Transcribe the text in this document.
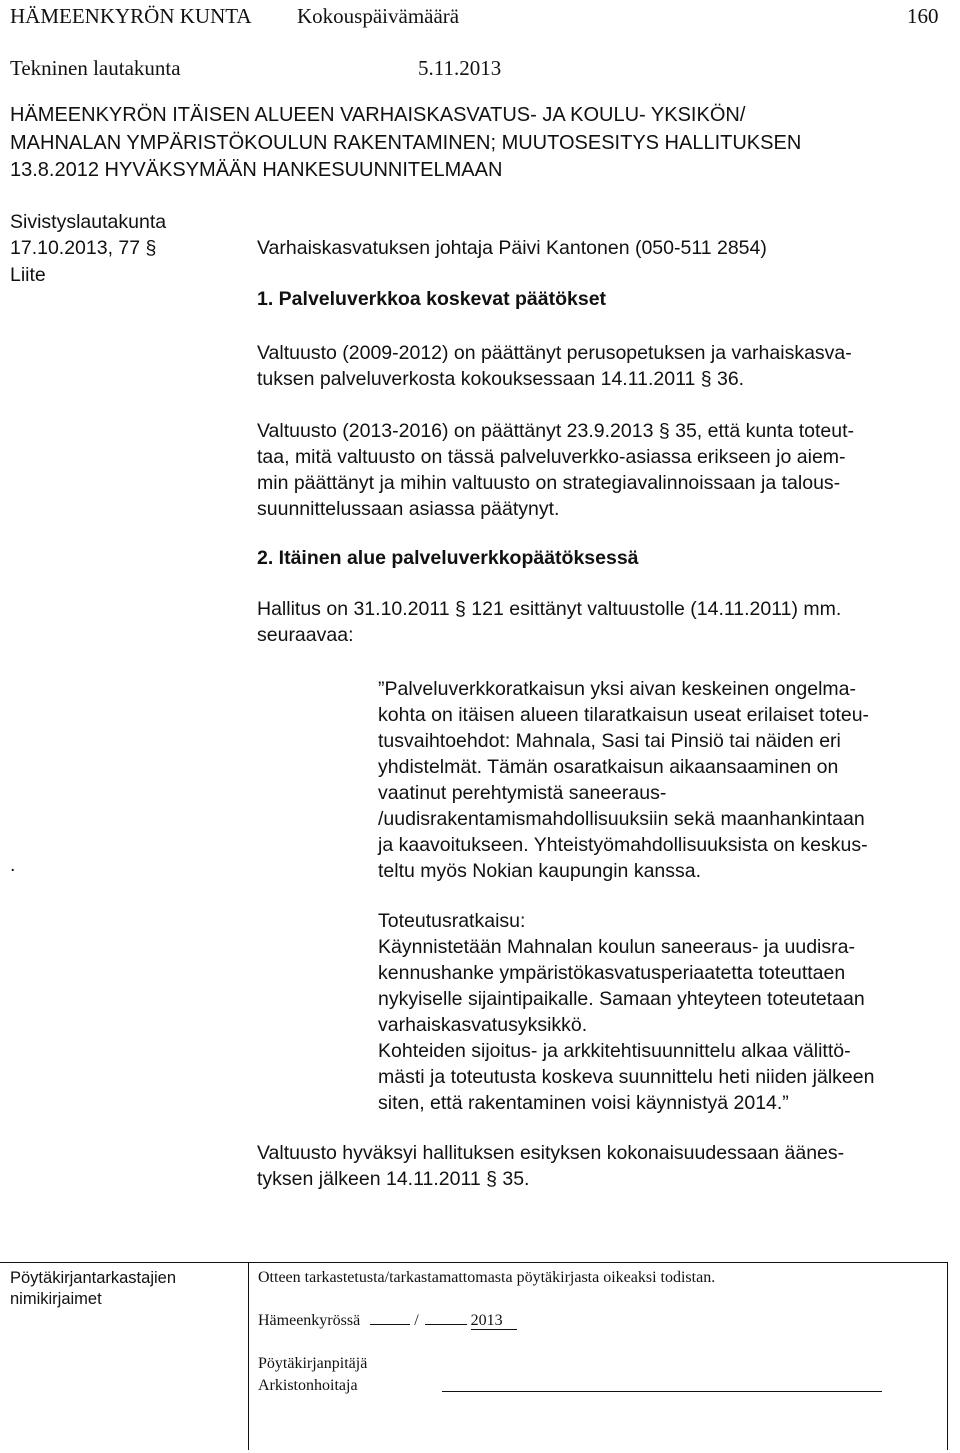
HÄMEENKYRÖN KUNTA Kokouspäivämäärä	160
Tekninen lautakunta	5.11.2013
HÄMEENKYRÖN ITÄISEN ALUEEN VARHAISKASVATUS- JA KOULU- YKSIKÖN/
MAHNALAN YMPÄRISTÖKOULUN RAKENTAMINEN; MUUTOSESITYS HALLITUKSEN
13.8.2012 HYVÄKSYMÄÄN HANKESUUNNITELMAAN
Sivistyslautakunta
17.10.2013, 77 §
Liite
.
Varhaiskasvatuksen johtaja Päivi Kantonen (050-511 2854)
1. Palveluverkkoa koskevat päätökset
Valtuusto (2009-2012) on päättänyt perusopetuksen ja varhaiskasva-
tuksen palveluverkosta kokouksessaan 14.11.2011 § 36.
Valtuusto (2013-2016) on päättänyt 23.9.2013 § 35, että kunta toteut-
taa, mitä valtuusto on tässä palveluverkko-asiassa erikseen jo aiem-
min päättänyt ja mihin valtuusto on strategiavalinnoissaan ja talous-
suunnittelussaan asiassa päätynyt.
2. Itäinen alue palveluverkkopäätöksessä
Hallitus on 31.10.2011 § 121 esittänyt valtuustolle (14.11.2011) mm.
seuraavaa:
”Palveluverkkoratkaisun yksi aivan keskeinen ongelma-
kohta on itäisen alueen tilaratkaisun useat erilaiset toteu-
tusvaihtoehdot: Mahnala, Sasi tai Pinsiö tai näiden eri
yhdistelmät. Tämän osaratkaisun aikaansaaminen on
vaatinut perehtymistä saneeraus-
/uudisrakentamismahdollisuuksiin sekä maanhankintaan
ja kaavoitukseen. Yhteistyömahdollisuuksista on keskus-
teltu myös Nokian kaupungin kanssa.
Toteutusratkaisu:
Käynnistetään Mahnalan koulun saneeraus- ja uudisra-
kennushanke ympäristökasvatusperiaatetta toteuttaen
nykyiselle sijaintipaikalle. Samaan yhteyteen toteutetaan
varhaiskasvatusyksikkö.
Kohteiden sijoitus- ja arkkitehtisuunnittelu alkaa välittö-
mästi ja toteutusta koskeva suunnittelu heti niiden jälkeen
siten, että rakentaminen voisi käynnistyä 2014.”
Valtuusto hyväksyi hallituksen esityksen kokonaisuudessaan äänes-
tyksen jälkeen 14.11.2011 § 35.
Pöytäkirjantarkastajien
nimikirjaimet
Otteen tarkastetusta/tarkastamattomasta pöytäkirjasta oikeaksi todistan.
Hämeenkyrössä	/	2013
Pöytäkirjanpitäjä
Arkistonhoitaja
